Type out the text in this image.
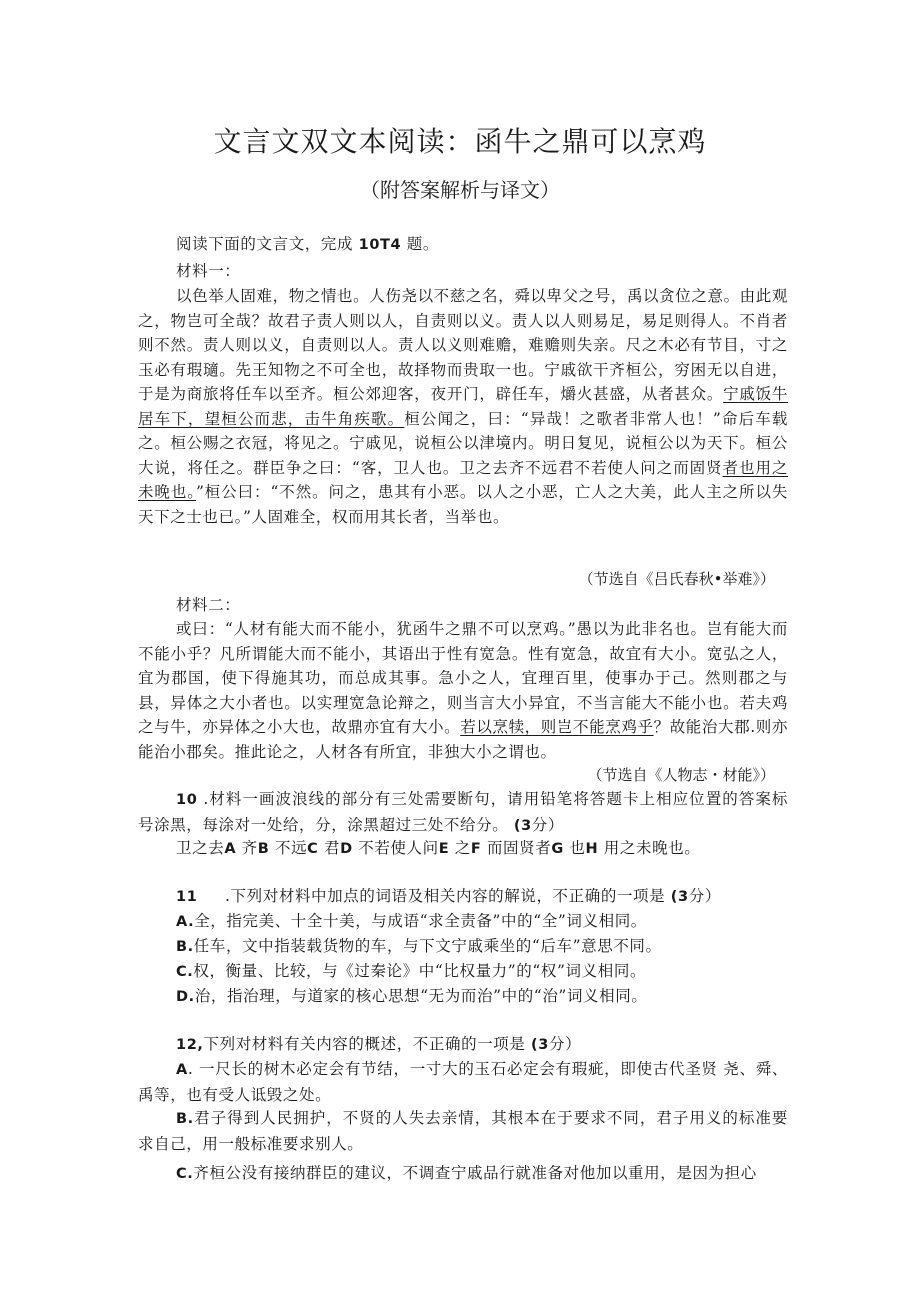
文言文双文本阅读：函牛之鼎可以烹鸡
（附答案解析与译文）
阅读下面的文言文，完成 10T4 题。
材料一：
以色举人固难，物之情也。人伤尧以不慈之名，舜以卑父之号，禹以贪位之意。由此观之，物岂可全哉？故君子责人则以人，自责则以义。责人以人则易足，易足则得人。不肖者则不然。责人则以义，自责则以人。责人以义则难赡，难赡则失亲。尺之木必有节目，寸之玉必有瑕瓋。先王知物之不可全也，故择物而贵取一也。宁戚欲干齐桓公，穷困无以自进，于是为商旅将任车以至齐。桓公郊迎客，夜开门，辟任车，爝火甚盛，从者甚众。宁戚饭牛居车下，望桓公而悲，击牛角疾歌。桓公闻之，曰：“异哉！之歌者非常人也！”命后车载之。桓公赐之衣冠，将见之。宁戚见，说桓公以津境内。明日复见，说桓公以为天下。桓公大说，将任之。群臣争之曰：“客，卫人也。卫之去齐不远君不若使人问之而固贤者也用之未晚也。”桓公曰：“不然。问之，患其有小恶。以人之小恶，亡人之大美，此人主之所以失天下之士也已。”人固难全，权而用其长者，当举也。
（节选自《吕氏春秋•举难》）
材料二：
或曰：“人材有能大而不能小，犹函牛之鼎不可以烹鸡。”愚以为此非名也。岂有能大而不能小乎？凡所谓能大而不能小，其语出于性有宽急。性有宽急，故宜有大小。宽弘之人，宜为郡国，使下得施其功，而总成其事。急小之人，宜理百里，使事办于己。然则郡之与县，异体之大小者也。以实理宽急论辩之，则当言大小异宜，不当言能大不能小也。若夫鸡之与牛，亦异体之小大也，故鼎亦宜有大小。若以烹犊，则岂不能烹鸡乎？故能治大郡.则亦能治小郡矣。推此论之，人材各有所宜，非独大小之谓也。
（节选自《人物志・材能》）
10 .材料一画波浪线的部分有三处需要断句，请用铅笔将答题卡上相应位置的答案标号涂黑，每涂对一处给，分，涂黑超过三处不给分。 (3分）
卫之去A 齐B 不远C 君D 不若使人问E 之F 而固贤者G 也H 用之未晚也。
11 .下列对材料中加点的词语及相关内容的解说，不正确的一项是 (3分）
A.全，指完美、十全十美，与成语“求全责备”中的“全”词义相同。
B.任车，文中指装载货物的车，与下文宁戚乘坐的“后车”意思不同。
C.权，衡量、比较，与《过秦论》中“比权量力”的“权”词义相同。
D.治，指治理，与道家的核心思想“无为而治”中的“治”词义相同。
12,下列对材料有关内容的概述，不正确的一项是 (3分）
A. 一尺长的树木必定会有节结，一寸大的玉石必定会有瑕疵，即使古代圣贤 尧、舜、禹等，也有受人诋毁之处。
B.君子得到人民拥护，不贤的人失去亲情，其根本在于要求不同，君子用义的标准要求自己，用一般标准要求别人。
C.齐桓公没有接纳群臣的建议，不调查宁戚品行就准备对他加以重用，是因为担心
